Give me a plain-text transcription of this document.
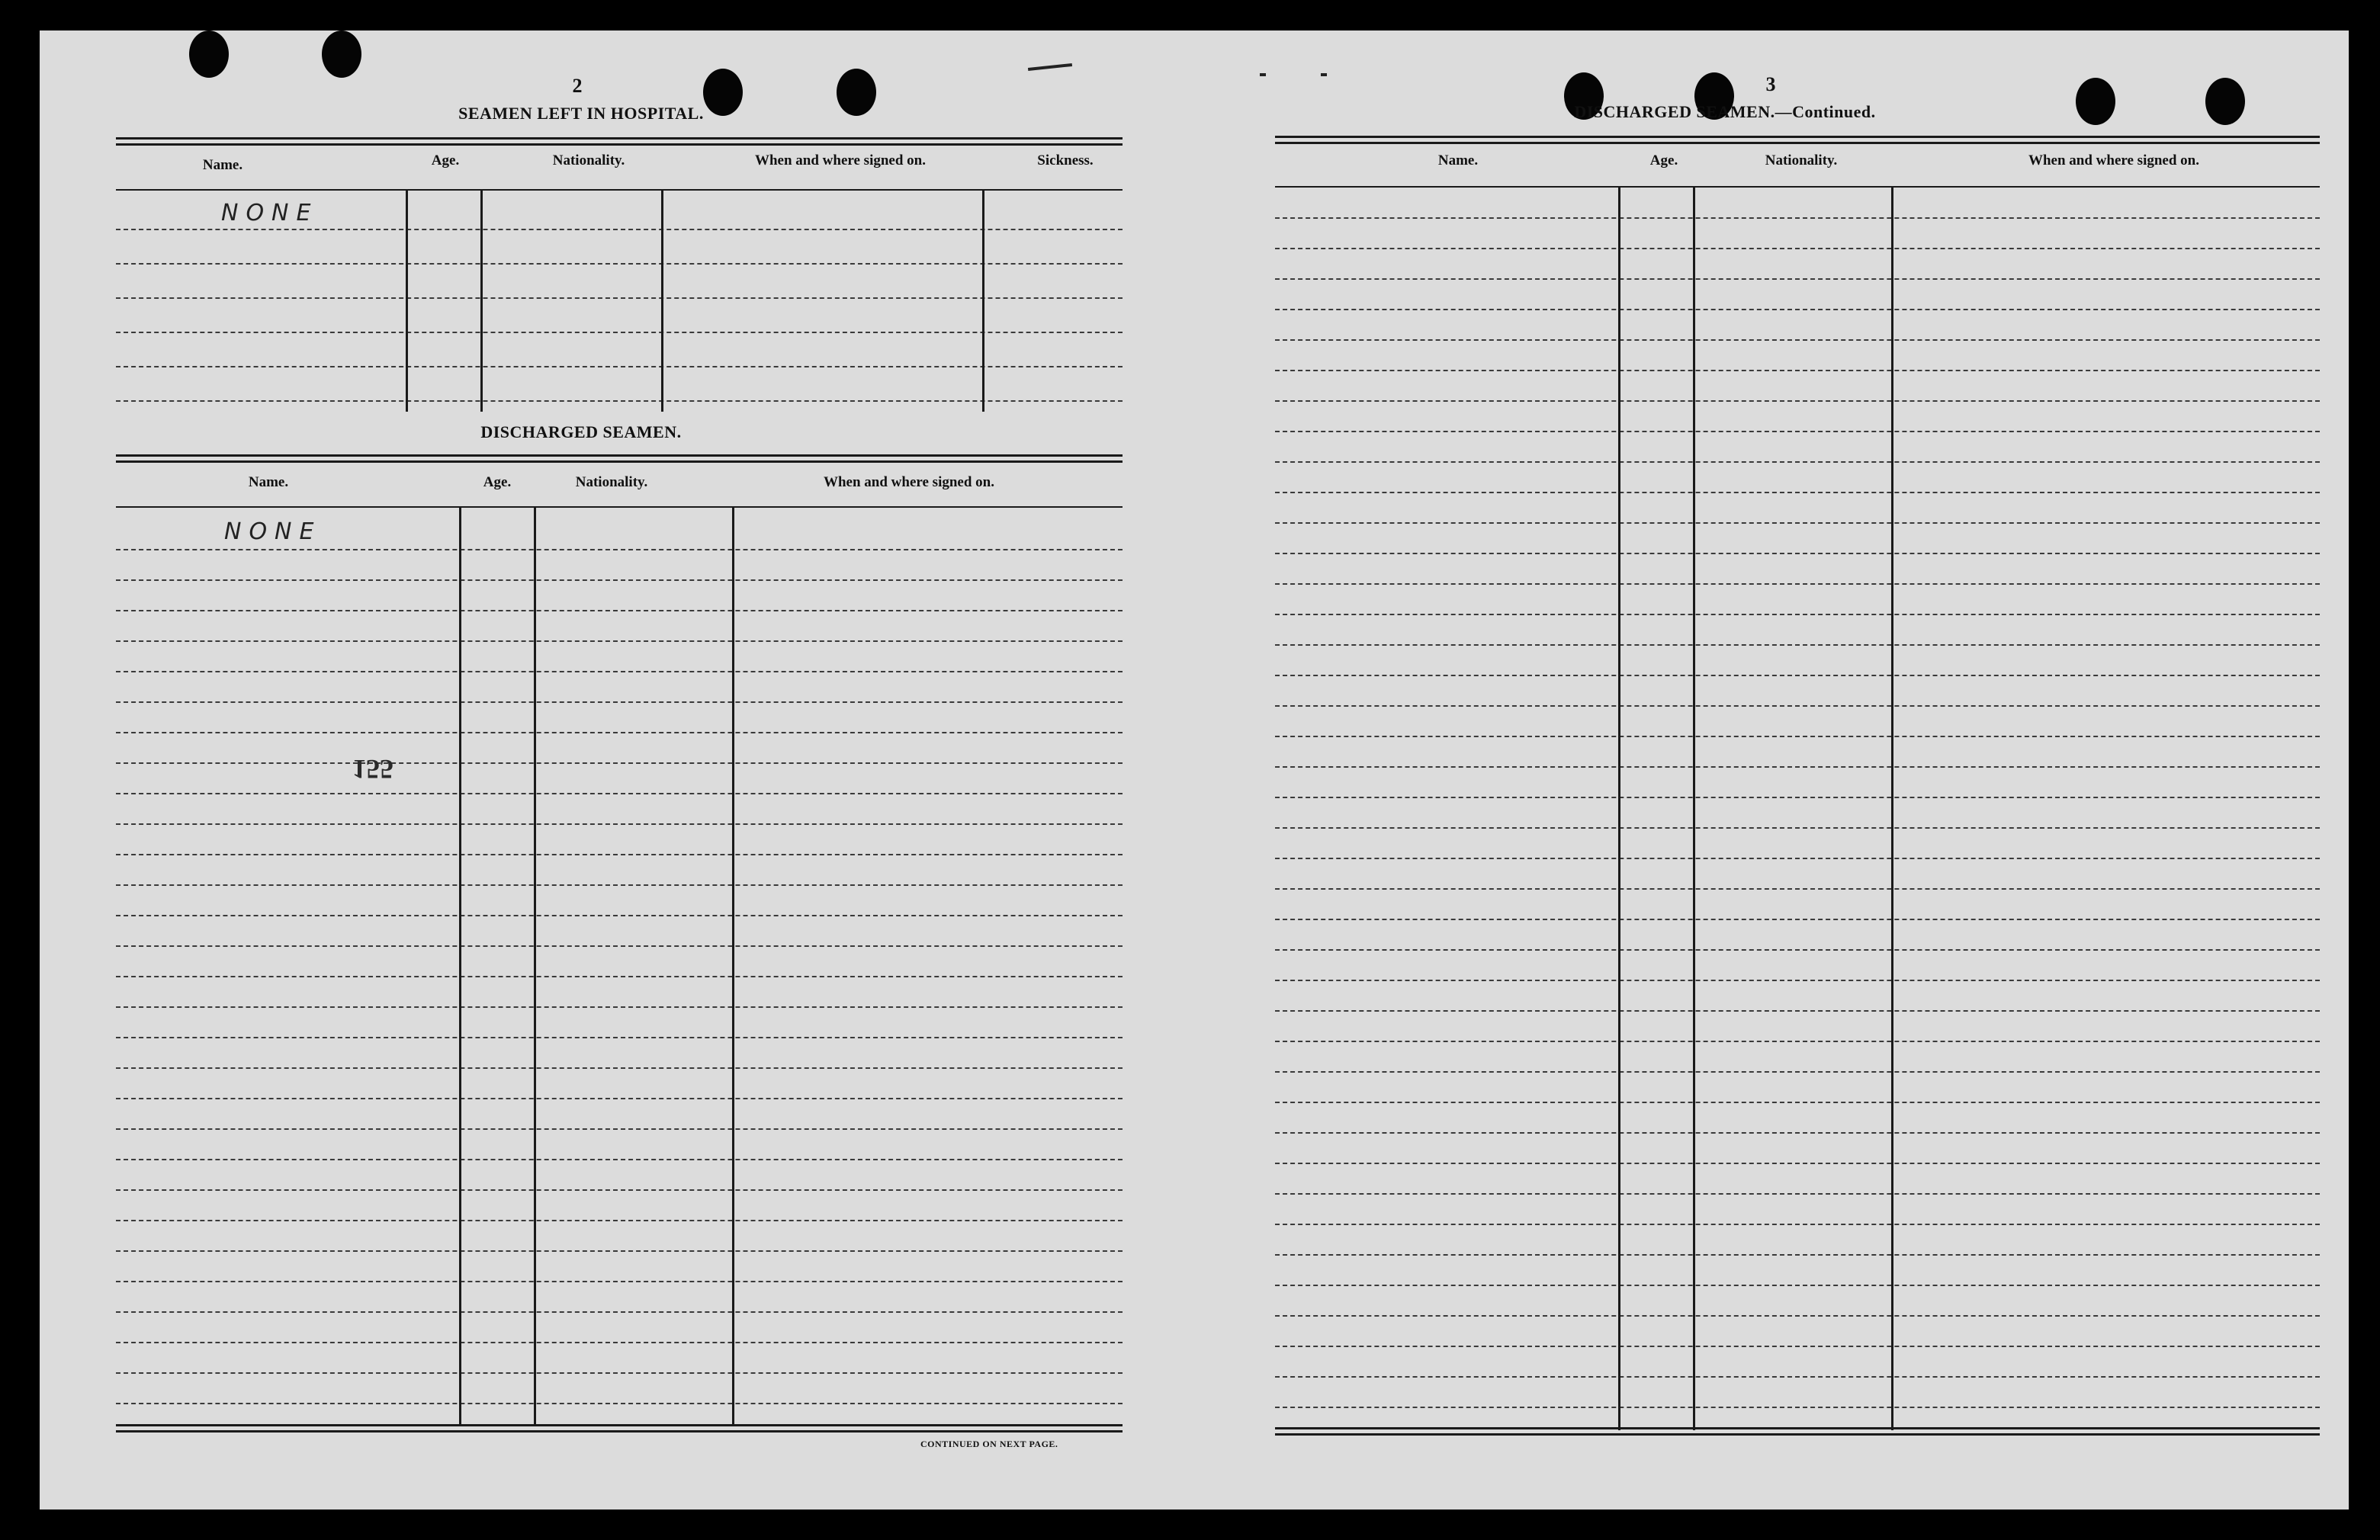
2
SEAMEN LEFT IN HOSPITAL.
Name.	Age.	Nationality.	When and where signed on.	Sickness.
NONE
DISCHARGED SEAMEN.
Name.	Age.	Nationality.	When and where signed on.
NONE
155
CONTINUED ON NEXT PAGE.
3
DISCHARGED SEAMEN.—Continued.
Name.	Age.	Nationality.	When and where signed on.
